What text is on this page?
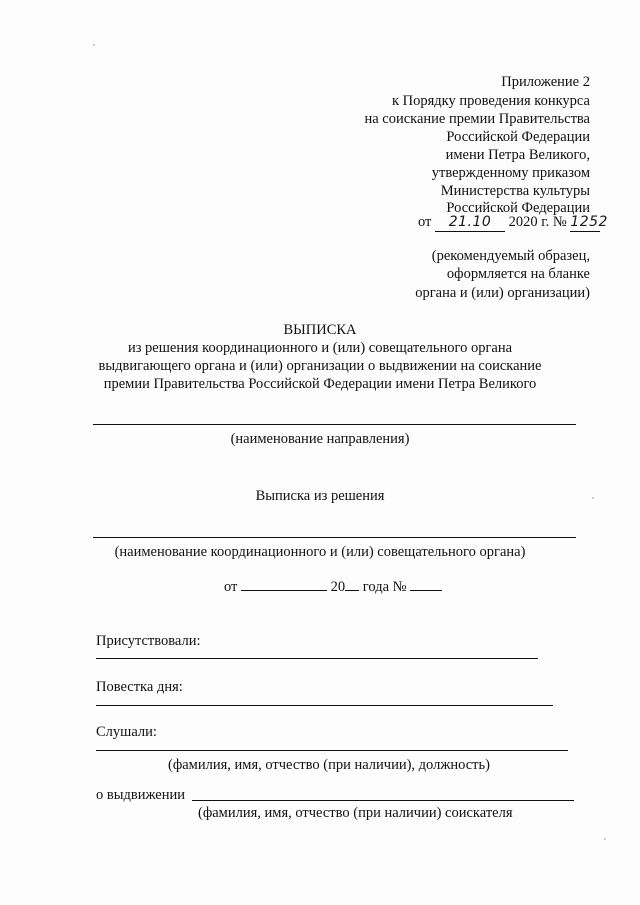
Приложение 2
к Порядку проведения конкурса
на соискание премии Правительства
Российской Федерации
имени Петра Великого,
утвержденному приказом
Министерства культуры
Российской Федерации
от 21.10 2020 г. № 1252
(рекомендуемый образец,
оформляется на бланке
органа и (или) организации)
ВЫПИСКА
из решения координационного и (или) совещательного органа
выдвигающего органа и (или) организации о выдвижении на соискание
премии Правительства Российской Федерации имени Петра Великого
(наименование направления)
Выписка из решения
(наименование координационного и (или) совещательного органа)
от	20 года №
Присутствовали:
Повестка дня:
Слушали:
(фамилия, имя, отчество (при наличии), должность)
о выдвижении
(фамилия, имя, отчество (при наличии) соискателя
